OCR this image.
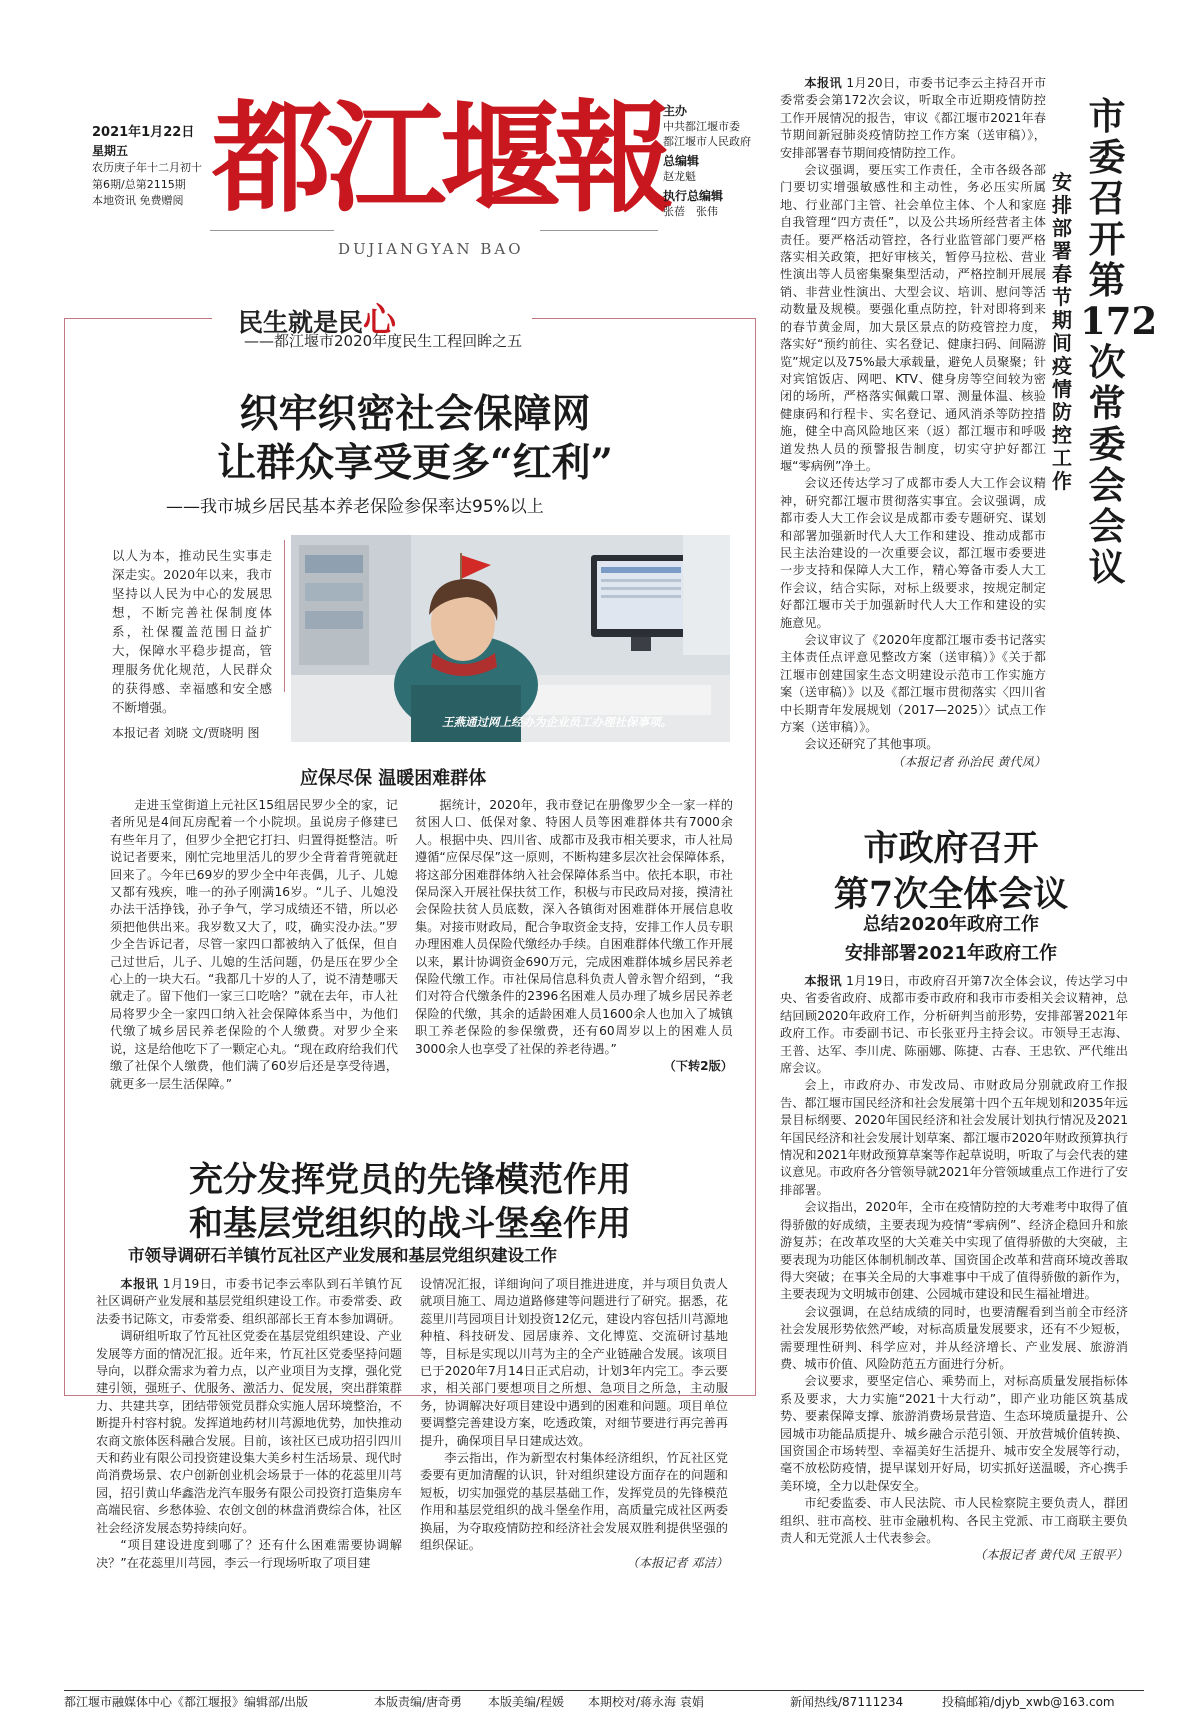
2021年1月22日
星期五
农历庚子年十二月初十
第6期/总第2115期
本地资讯 免费赠阅 都 江 堰 報
DUJIANGYAN BAO
主办
中共都江堰市委
都江堰市人民政府
总编辑
赵龙魁
执行总编辑
张蓓　张伟
民生就是民心
——都江堰市2020年度民生工程回眸之五
织牢织密社会保障网
让群众享受更多“红利”
——我市城乡居民基本养老保险参保率达95%以上
以人为本，推动民生实事走深走实。2020年以来，我市坚持以人民为中心的发展思想，不断完善社保制度体系，社保覆盖范围日益扩大，保障水平稳步提高，管理服务优化规范，人民群众的获得感、幸福感和安全感不断增强。
本报记者 刘晓 文/贾晓明 图
王燕通过网上经办为企业员工办理社保事项。
应保尽保 温暖困难群体

走进玉堂街道上元社区15组居民罗少全的家，记者所见是4间瓦房配着一个小院坝。虽说房子修建已有些年月了，但罗少全把它打扫、归置得挺整洁。听说记者要来，刚忙完地里活儿的罗少全背着背篼就赶回来了。今年已69岁的罗少全中年丧偶，儿子、儿媳又都有残疾，唯一的孙子刚满16岁。“儿子、儿媳没办法干活挣钱，孙子争气，学习成绩还不错，所以必须把他供出来。我岁数又大了，哎，确实没办法。”罗少全告诉记者，尽管一家四口都被纳入了低保，但自己过世后，儿子、儿媳的生活问题，仍是压在罗少全心上的一块大石。“我都几十岁的人了，说不清楚哪天就走了。留下他们一家三口吃啥？”就在去年，市人社局将罗少全一家四口纳入社会保障体系当中，为他们代缴了城乡居民养老保险的个人缴费。对罗少全来说，这是给他吃下了一颗定心丸。“现在政府给我们代缴了社保个人缴费，他们满了60岁后还是享受待遇，就更多一层生活保障。”

据统计，2020年，我市登记在册像罗少全一家一样的贫困人口、低保对象、特困人员等困难群体共有7000余人。根据中央、四川省、成都市及我市相关要求，市人社局遵循“应保尽保”这一原则，不断构建多层次社会保障体系，将这部分困难群体纳入社会保障体系当中。依托本职，市社保局深入开展社保扶贫工作，积极与市民政局对接，摸清社会保险扶贫人员底数，深入各镇街对困难群体开展信息收集。对接市财政局，配合争取资金支持，安排工作人员专职办理困难人员保险代缴经办手续。自困难群体代缴工作开展以来，累计协调资金690万元，完成困难群体城乡居民养老保险代缴工作。市社保局信息科负责人曾永智介绍到，“我们对符合代缴条件的2396名困难人员办理了城乡居民养老保险的代缴，其余的适龄困难人员1600余人也加入了城镇职工养老保险的参保缴费，还有60周岁以上的困难人员3000余人也享受了社保的养老待遇。”

（下转2版）

充分发挥党员的先锋模范作用
和基层党组织的战斗堡垒作用
市领导调研石羊镇竹瓦社区产业发展和基层党组织建设工作

本报讯 1月19日，市委书记李云率队到石羊镇竹瓦社区调研产业发展和基层党组织建设工作。市委常委、政法委书记陈文，市委常委、组织部部长王育本参加调研。

调研组听取了竹瓦社区党委在基层党组织建设、产业发展等方面的情况汇报。近年来，竹瓦社区党委坚持问题导向，以群众需求为着力点，以产业项目为支撑，强化党建引领，强班子、优服务、激活力、促发展，突出群策群力、共建共享，团结带领党员群众实施人居环境整治，不断提升村容村貌。发挥道地药材川芎源地优势，加快推动农商文旅体医科融合发展。目前，该社区已成功招引四川天和药业有限公司投资建设集大美乡村生活场景、现代时尚消费场景、农户创新创业机会场景于一体的花蕊里川芎园，招引黄山华鑫浩龙汽车服务有限公司投资打造集房车高端民宿、乡愁体验、农创文创的林盘消费综合体，社区社会经济发展态势持续向好。

“项目建设进度到哪了？还有什么困难需要协调解决？”在花蕊里川芎园，李云一行现场听取了项目建

设情况汇报，详细询问了项目推进进度，并与项目负责人就项目施工、周边道路修建等问题进行了研究。据悉，花蕊里川芎园项目计划投资12亿元，建设内容包括川芎源地种植、科技研发、园居康养、文化博览、交流研讨基地等，目标是实现以川芎为主的全产业链融合发展。该项目已于2020年7月14日正式启动，计划3年内完工。李云要求，相关部门要想项目之所想、急项目之所急，主动服务，协调解决好项目建设中遇到的困难和问题。项目单位要调整完善建设方案，吃透政策，对细节要进行再完善再提升，确保项目早日建成达效。

李云指出，作为新型农村集体经济组织，竹瓦社区党委要有更加清醒的认识，针对组织建设方面存在的问题和短板，切实加强党的基层基础工作，发挥党员的先锋模范作用和基层党组织的战斗堡垒作用，高质量完成社区两委换届，为夺取疫情防控和经济社会发展双胜利提供坚强的组织保证。

（本报记者 邓洁）

本报讯 1月20日，市委书记李云主持召开市委常委会第172次会议，听取全市近期疫情防控工作开展情况的报告，审议《都江堰市2021年春节期间新冠肺炎疫情防控工作方案（送审稿）》，安排部署春节期间疫情防控工作。

会议强调，要压实工作责任，全市各级各部门要切实增强敏感性和主动性，务必压实所属地、行业部门主管、社会单位主体、个人和家庭自我管理“四方责任”，以及公共场所经营者主体责任。要严格活动管控，各行业监管部门要严格落实相关政策，把好审核关，暂停马拉松、营业性演出等人员密集聚集型活动，严格控制开展展销、非营业性演出、大型会议、培训、慰问等活动数量及规模。要强化重点防控，针对即将到来的春节黄金周，加大景区景点的防疫管控力度，落实好“预约前往、实名登记、健康扫码、间隔游览”规定以及75%最大承载量，避免人员聚聚；针对宾馆饭店、网吧、KTV、健身房等空间较为密闭的场所，严格落实佩戴口罩、测量体温、核验健康码和行程卡、实名登记、通风消杀等防控措施，健全中高风险地区来（返）都江堰市和呼吸道发热人员的预警报告制度，切实守护好都江堰“零病例”净土。

会议还传达学习了成都市委人大工作会议精神，研究都江堰市贯彻落实事宜。会议强调，成都市委人大工作会议是成都市委专题研究、谋划和部署加强新时代人大工作和建设、推动成都市民主法治建设的一次重要会议，都江堰市委要进一步支持和保障人大工作，精心筹备市委人大工作会议，结合实际，对标上级要求，按规定制定好都江堰市关于加强新时代人大工作和建设的实施意见。

会议审议了《2020年度都江堰市委书记落实主体责任点评意见整改方案（送审稿）》《关于都江堰市创建国家生态文明建设示范市工作实施方案（送审稿）》以及《都江堰市贯彻落实〈四川省中长期青年发展规划（2017—2025）〉试点工作方案（送审稿）》。

会议还研究了其他事项。

（本报记者 孙治民 黄代凤）
市委召开第172次常委会会议
安排部署春节期间疫情防控工作
市政府召开
第7次全体会议
总结2020年政府工作
安排部署2021年政府工作

本报讯 1月19日，市政府召开第7次全体会议，传达学习中央、省委省政府、成都市委市政府和我市市委相关会议精神，总结回顾2020年政府工作，分析研判当前形势，安排部署2021年政府工作。市委副书记、市长张亚丹主持会议。市领导王志海、王普、达军、李川虎、陈丽娜、陈捷、古春、王忠钦、严代维出席会议。

会上，市政府办、市发改局、市财政局分别就政府工作报告、都江堰市国民经济和社会发展第十四个五年规划和2035年远景目标纲要、2020年国民经济和社会发展计划执行情况及2021年国民经济和社会发展计划草案、都江堰市2020年财政预算执行情况和2021年财政预算草案等作起草说明，听取了与会代表的建议意见。市政府各分管领导就2021年分管领域重点工作进行了安排部署。

会议指出，2020年，全市在疫情防控的大考难考中取得了值得骄傲的好成绩，主要表现为疫情“零病例”、经济企稳回升和旅游复苏；在改革攻坚的大关难关中实现了值得骄傲的大突破，主要表现为功能区体制机制改革、国资国企改革和营商环境改善取得大突破；在事关全局的大事难事中干成了值得骄傲的新作为，主要表现为文明城市创建、公园城市建设和民生福祉增进。

会议强调，在总结成绩的同时，也要清醒看到当前全市经济社会发展形势依然严峻，对标高质量发展要求，还有不少短板，需要理性研判、科学应对，并从经济增长、产业发展、旅游消费、城市价值、风险防范五方面进行分析。

会议要求，要坚定信心、乘势而上，对标高质量发展指标体系及要求，大力实施“2021十大行动”，即产业功能区筑基成势、要素保障支撑、旅游消费场景营造、生态环境质量提升、公园城市功能品质提升、城乡融合示范引领、开放营城价值转换、国资国企市场转型、幸福美好生活提升、城市安全发展等行动，毫不放松防疫情，提早谋划开好局，切实抓好送温暖，齐心携手美环境，全力以赴保安全。

市纪委监委、市人民法院、市人民检察院主要负责人，群团组织、驻市高校、驻市金融机构、各民主党派、市工商联主要负责人和无党派人士代表参会。

（本报记者 黄代凤 王银平）
都江堰市融媒体中心《都江堰报》编辑部/出版	本版责编/唐奇勇 本版美编/程媛 本期校对/蒋永海 袁娟	新闻热线/87111234	投稿邮箱/djyb_xwb@163.com
